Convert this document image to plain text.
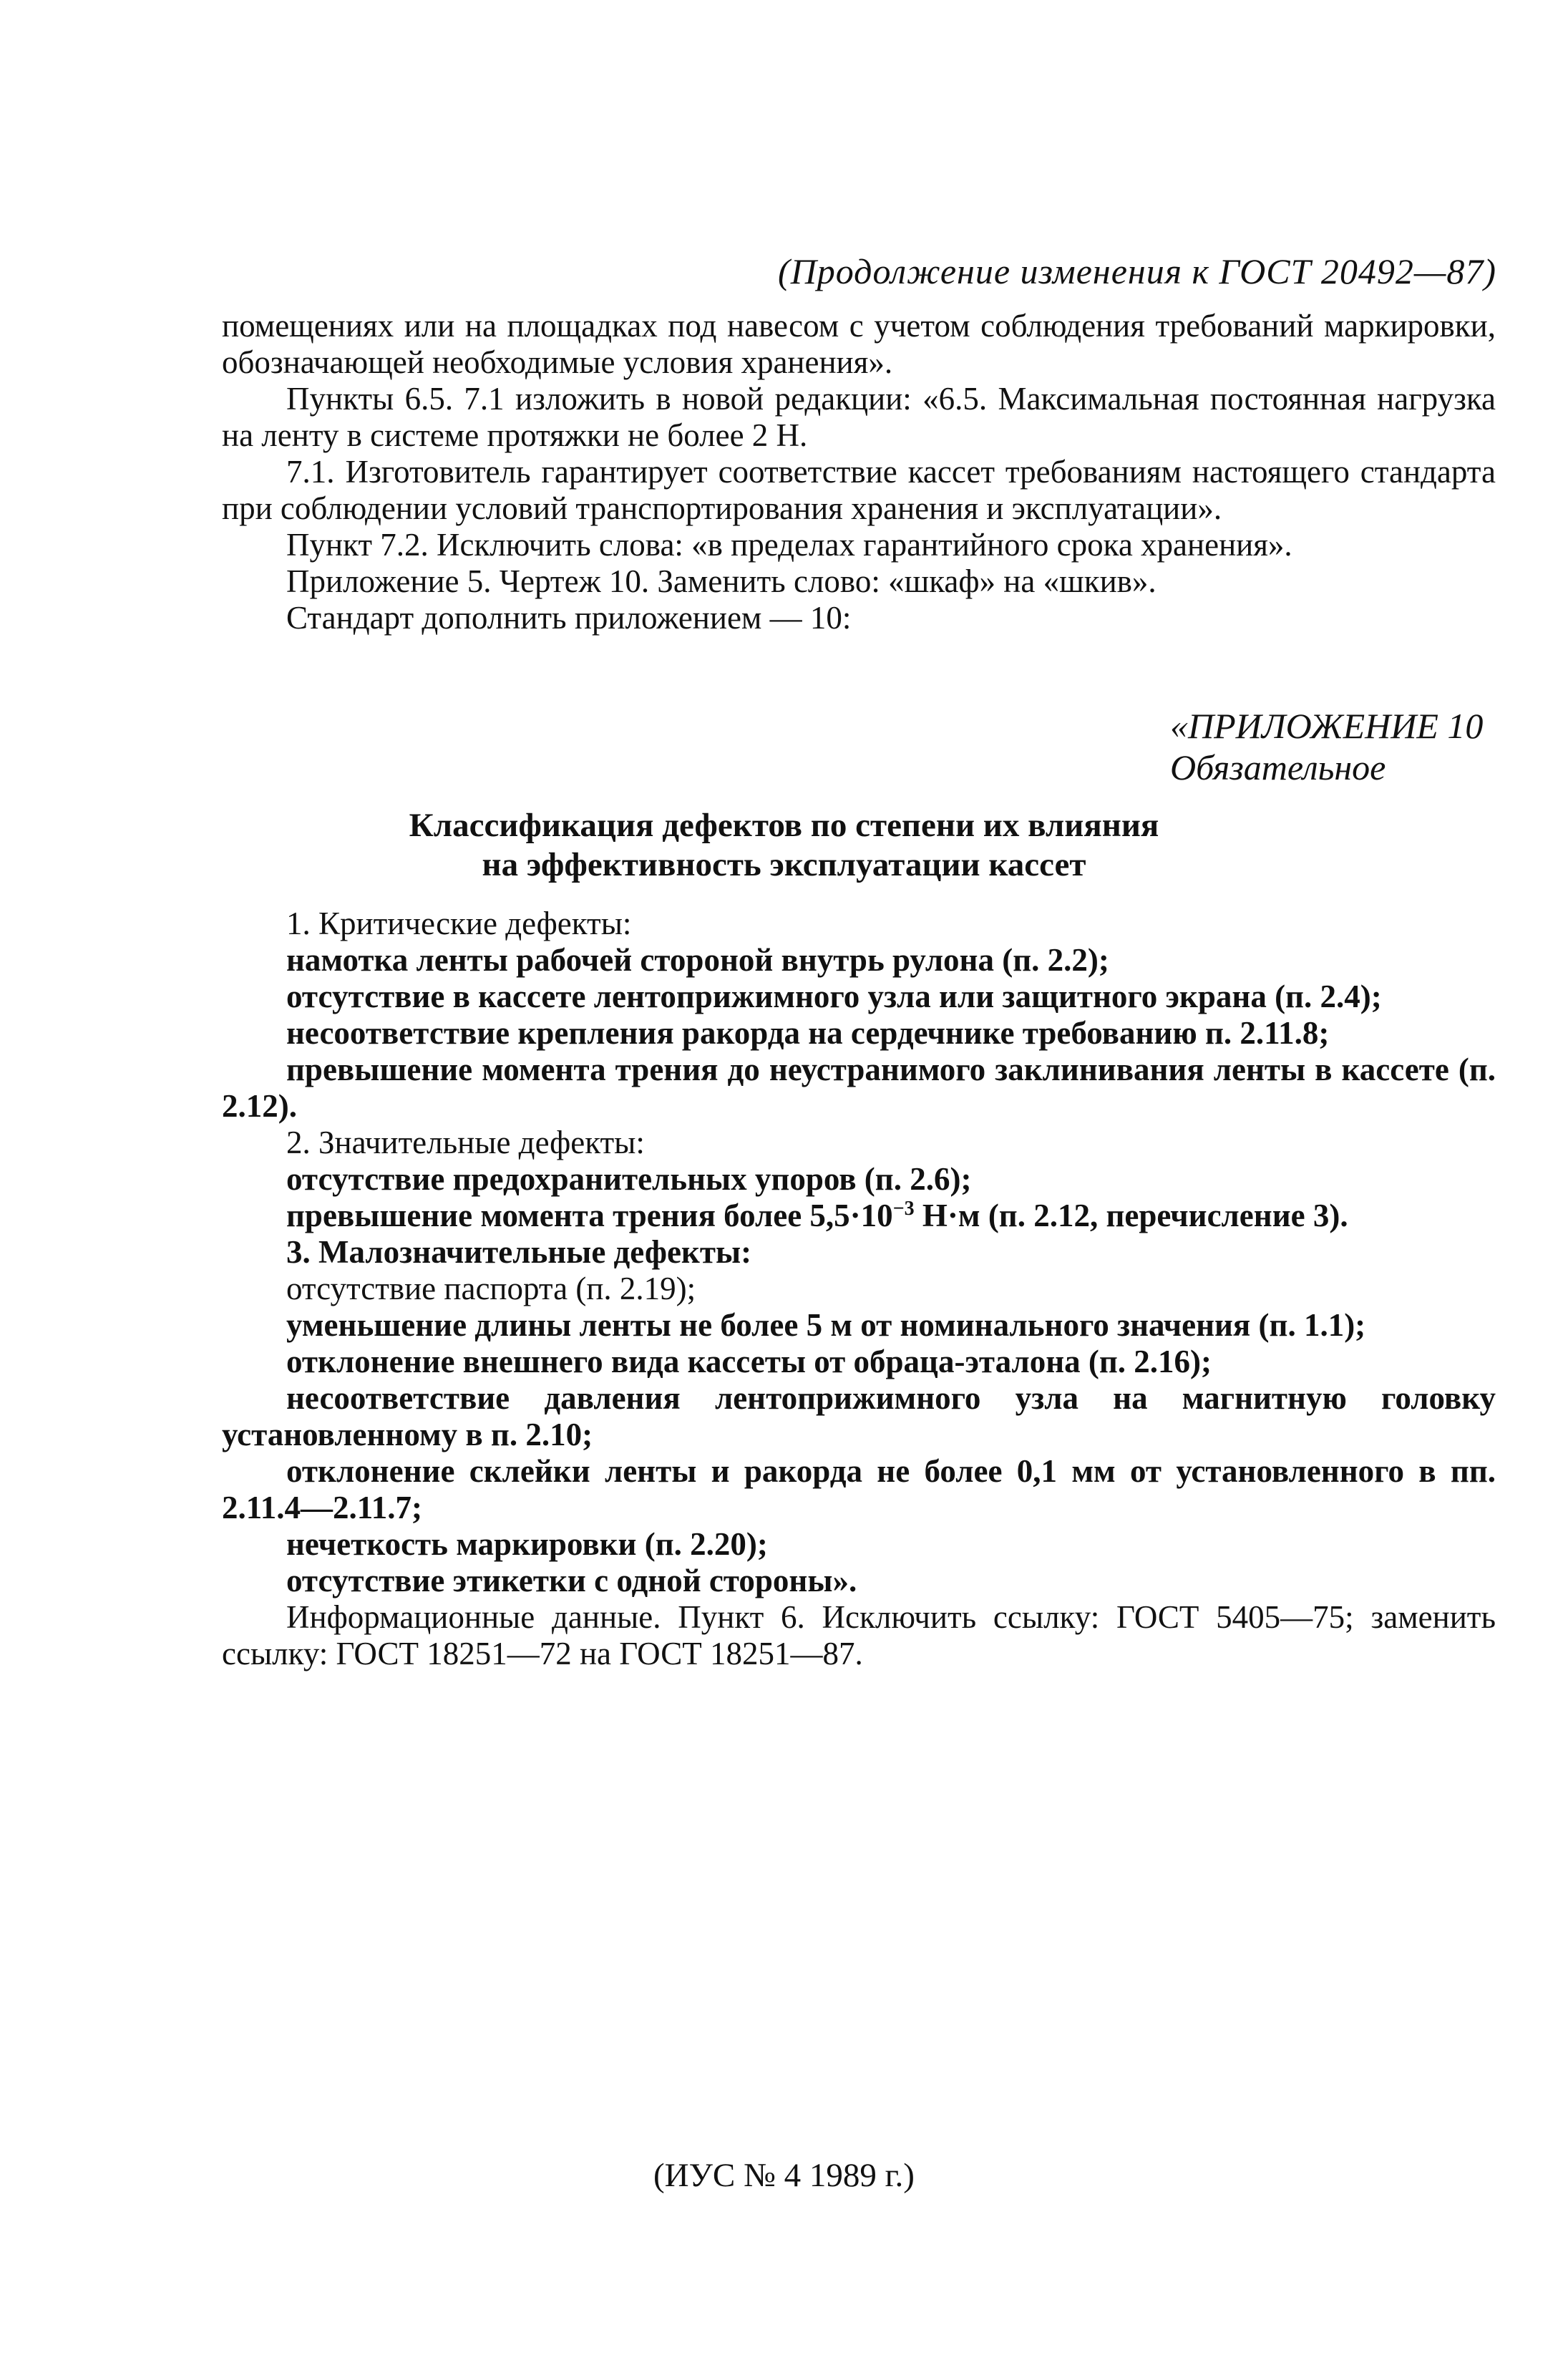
(Продолжение изменения к ГОСТ 20492—87)

помещениях или на площадках под навесом с учетом соблюдения требований маркировки, обозначающей необходимые условия хранения».

Пункты 6.5. 7.1 изложить в новой редакции: «6.5. Максимальная постоянная нагрузка на ленту в системе протяжки не более 2 Н.

7.1. Изготовитель гарантирует соответствие кассет требованиям настоящего стандарта при соблюдении условий транспортирования хранения и эксплуатации».

Пункт 7.2. Исключить слова: «в пределах гарантийного срока хранения».

Приложение 5. Чертеж 10. Заменить слово: «шкаф» на «шкив».

Стандарт дополнить приложением — 10:

«ПРИЛОЖЕНИЕ 10
Обязательное
Классификация дефектов по степени их влияния
на эффективность эксплуатации кассет

1. Критические дефекты:

намотка ленты рабочей стороной внутрь рулона (п. 2.2);

отсутствие в кассете лентоприжимного узла или защитного экрана (п. 2.4);

несоответствие крепления ракорда на сердечнике требованию п. 2.11.8;

превышение момента трения до неустранимого заклинивания ленты в кассете (п. 2.12).

2. Значительные дефекты:

отсутствие предохранительных упоров (п. 2.6);

превышение момента трения более $5,5\cdot 10^{-3}$ Н·м (п. 2.12, перечисление 3).

3. Малозначительные дефекты:

отсутствие паспорта (п. 2.19);

уменьшение длины ленты не более 5 м от номинального значения (п. 1.1);

отклонение внешнего вида кассеты от обраца-эталона (п. 2.16);

несоответствие давления лентоприжимного узла на магнитную головку установленному в п. 2.10;

отклонение склейки ленты и ракорда не более 0,1 мм от установленного в пп. 2.11.4—2.11.7;

нечеткость маркировки (п. 2.20);

отсутствие этикетки с одной стороны».

Информационные данные. Пункт 6. Исключить ссылку: ГОСТ 5405—75; заменить ссылку: ГОСТ 18251—72 на ГОСТ 18251—87.

(ИУС № 4 1989 г.)
